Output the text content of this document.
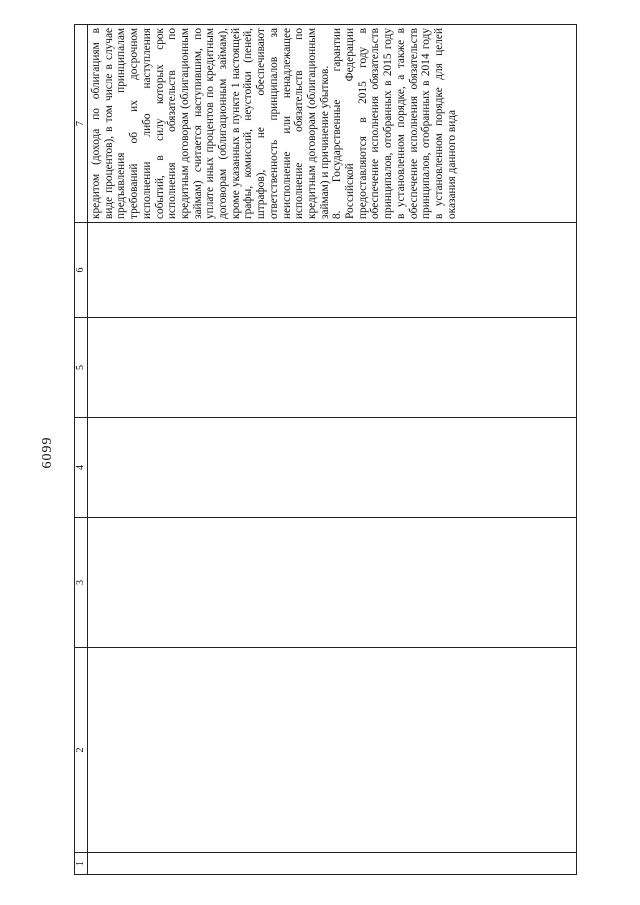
6099
1	2	3	4	5	6	7

						кредитом (дохода по облигациям в виде процентов), в том числе в случае предъявления принципалам требований об их досрочном исполнении либо наступления событий, в силу которых срок исполнения обязательств по кредитным договорам (облигационным займам) считается наступившим, по уплате иных процентов по кредитным договорам (облигационным займам), кроме указанных в пункте 1 настоящей графы, комиссий, неустойки (пеней, штрафов), не обеспечивают ответственность принципалов за неисполнение или ненадлежащее исполнение обязательств по кредитным договорам (облигационным займам) и причинение убытков. 8. Государственные гарантии Российской Федерации предоставляются в 2015 году в обеспечение исполнения обязательств принципалов, отобранных в 2015 году в установленном порядке, а также в обеспечение исполнения обязательств принципалов, отобранных в 2014 году в установленном порядке для целей оказания данного вида
